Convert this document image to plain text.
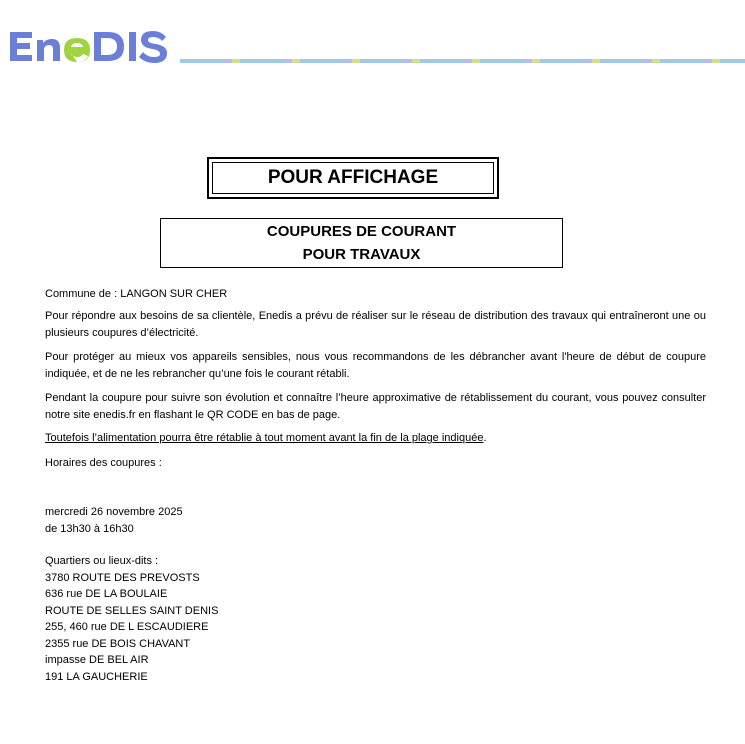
POUR AFFICHAGE
COUPURES DE COURANT
POUR TRAVAUX
Commune de : LANGON SUR CHER
Pour répondre aux besoins de sa clientèle, Enedis a prévu de réaliser sur le réseau de distribution des travaux qui entraîneront une ou plusieurs coupures d’électricité.
Pour protéger au mieux vos appareils sensibles, nous vous recommandons de les débrancher avant l'heure de début de coupure indiquée, et de ne les rebrancher qu’une fois le courant rétabli.
Pendant la coupure pour suivre son évolution et connaître l’heure approximative de rétablissement du courant, vous pouvez consulter notre site enedis.fr en flashant le QR CODE en bas de page.
Toutefois l’alimentation pourra être rétablie à tout moment avant la fin de la plage indiquée.
Horaires des coupures :
mercredi 26 novembre 2025
de 13h30 à 16h30
Quartiers ou lieux-dits :
3780 ROUTE DES PREVOSTS
636 rue DE LA BOULAIE
ROUTE DE SELLES SAINT DENIS
255, 460 rue DE L ESCAUDIERE
2355 rue DE BOIS CHAVANT
impasse DE BEL AIR
191 LA GAUCHERIE
